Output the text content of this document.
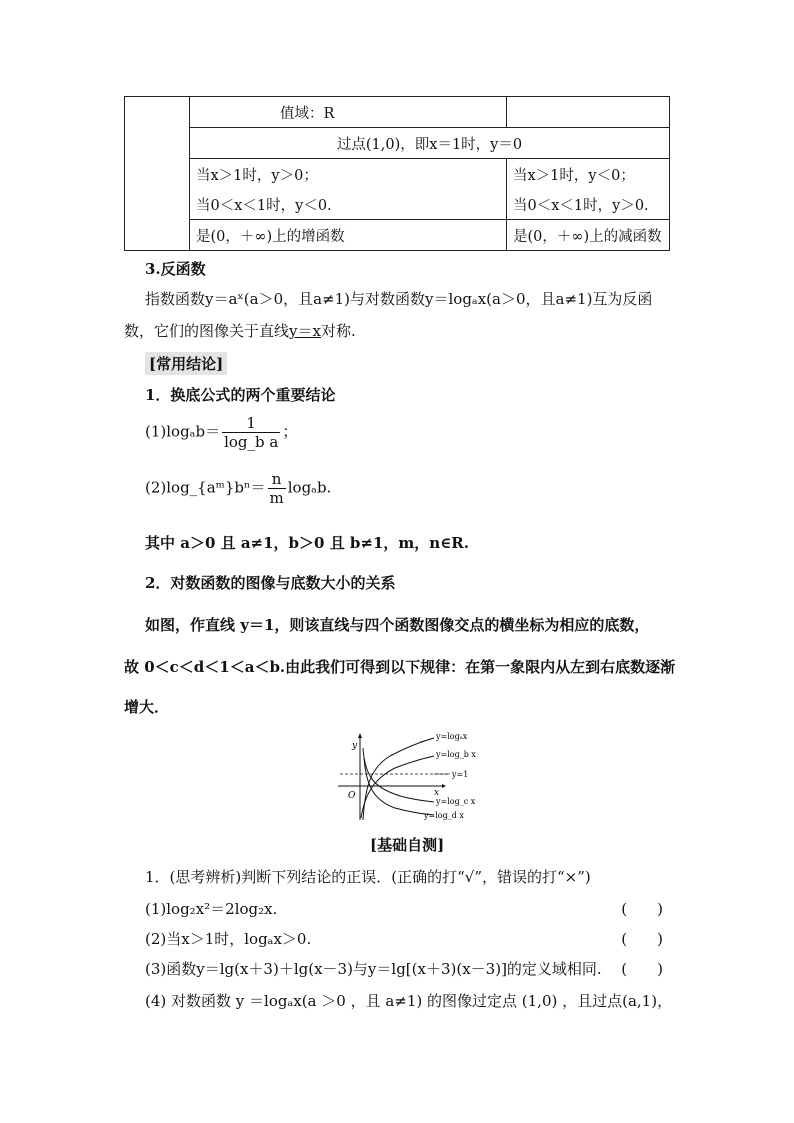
	值域：R	
	过点(1,0)，即x＝1时，y＝0	
	当x＞1时，y＞0；	当x＞1时，y＜0；
	当0＜x＜1时，y＜0.	当0＜x＜1时，y＞0.
	是(0，＋∞)上的增函数	是(0，＋∞)上的减函数
3.反函数
指数函数y＝aˣ(a＞0，且a≠1)与对数函数y＝logₐx(a＞0，且a≠1)互为反函
数，它们的图像关于直线y＝x对称.
[常用结论]
1．换底公式的两个重要结论
$(1)\log_ab= \frac{1}{\text{log\_b a}}$ ；
(2)log_{aᵐ}bⁿ＝ $\frac{n}{m} \log_ab$.
其中 a＞0 且 a≠1，b＞0 且 b≠1，m，n∈R.
2．对数函数的图像与底数大小的关系
如图，作直线 y＝1，则该直线与四个函数图像交点的横坐标为相应的底数，
故 0＜c＜d＜1＜a＜b.由此我们可得到以下规律：在第一象限内从左到右底数逐渐
增大．
y
x
O
y=logₐx
y=log_b x
y=1
y=log_c x
y=log_d x
[基础自测]
1．(思考辨析)判断下列结论的正误．(正确的打“√”，错误的打“×”)
(1)log₂x²＝2log₂x.	(　　)
(2)当x＞1时，logₐx＞0.	(　　)
(3)函数y＝lg(x＋3)＋lg(x－3)与y＝lg[(x＋3)(x－3)]的定义域相同. (　　)
(4) 对数函数 y ＝logₐx(a ＞0 ，且 a≠1) 的图像过定点 (1,0) ，且过点(a,1)，
